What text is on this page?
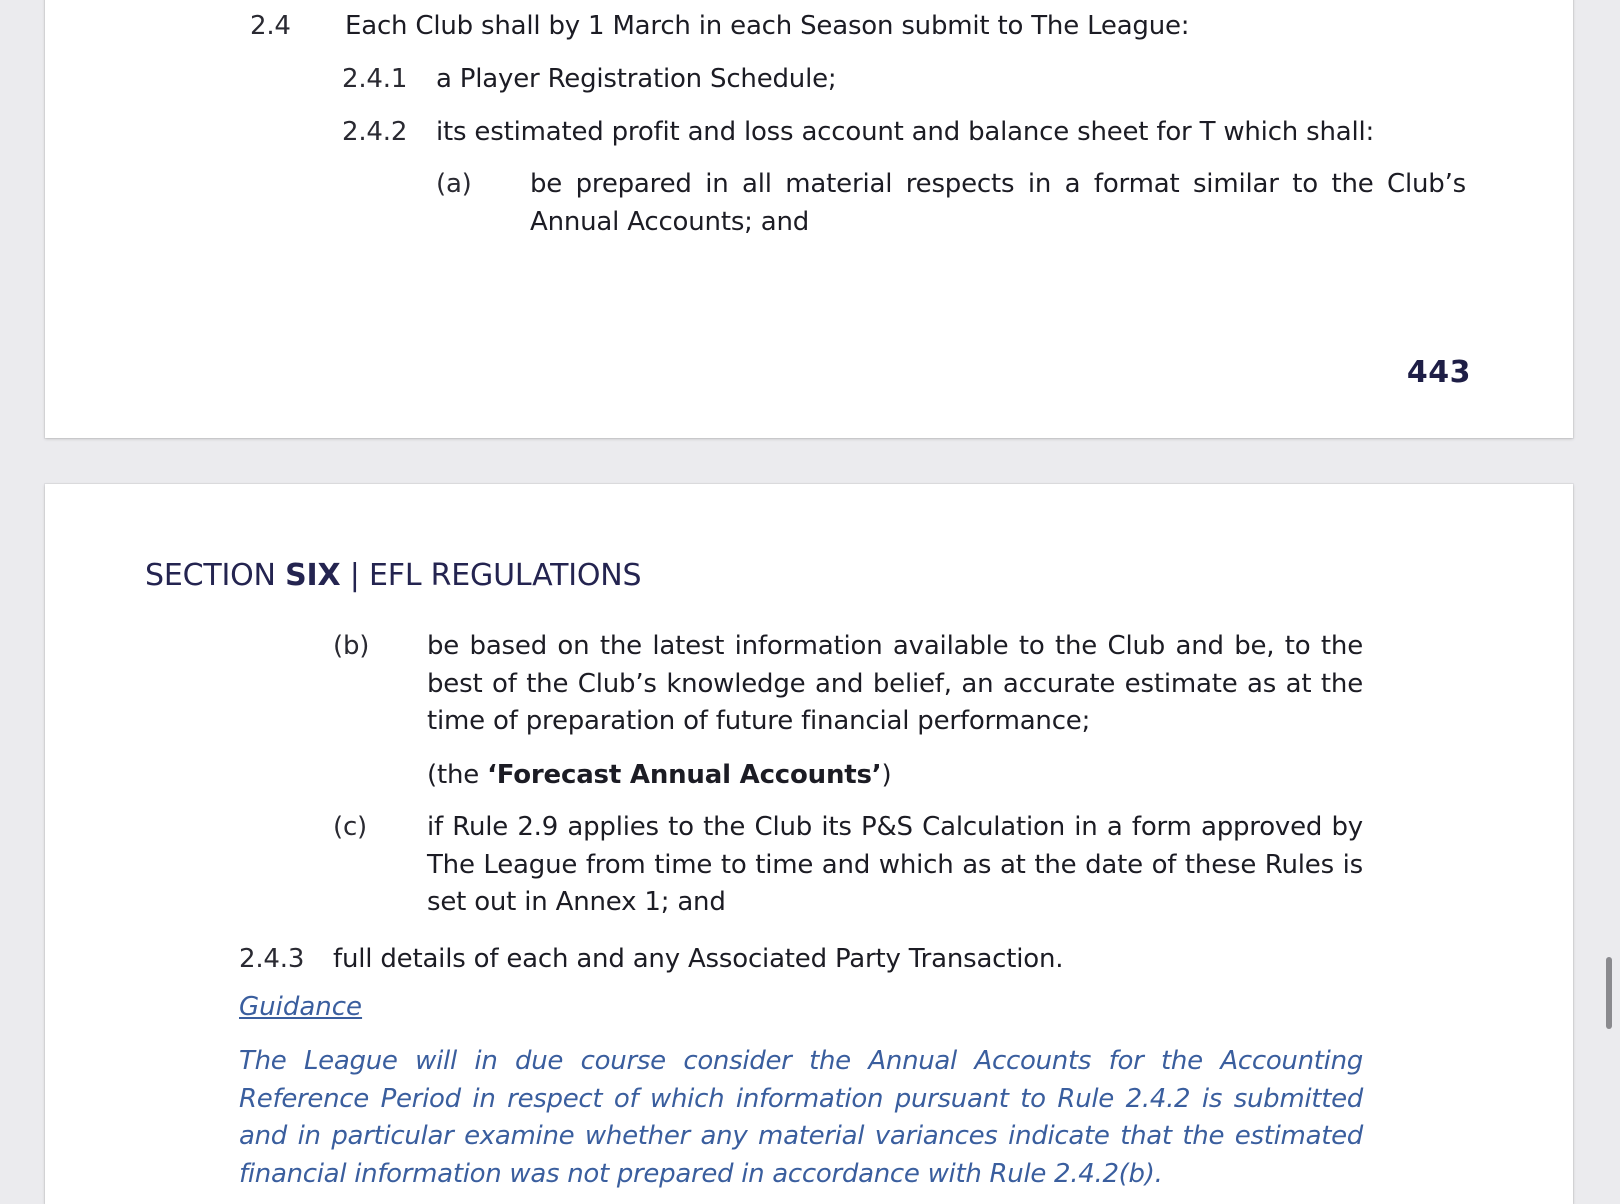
2.4 Each Club shall by 1 March in each Season submit to The League:
2.4.1 a Player Registration Schedule;
2.4.2 its estimated profit and loss account and balance sheet for T which shall:
(a) be prepared in all material respects in a format similar to the Club’s Annual Accounts; and
443
SECTION SIX | EFL REGULATIONS
(b) be based on the latest information available to the Club and be, to the best of the Club’s knowledge and belief, an accurate estimate as at the time of preparation of future financial performance;
(the ‘Forecast Annual Accounts’)
(c) if Rule 2.9 applies to the Club its P&S Calculation in a form approved by The League from time to time and which as at the date of these Rules is set out in Annex 1; and
2.4.3 full details of each and any Associated Party Transaction.
Guidance
The League will in due course consider the Annual Accounts for the Accounting Reference Period in respect of which information pursuant to Rule 2.4.2 is submitted and in particular examine whether any material variances indicate that the estimated financial information was not prepared in accordance with Rule 2.4.2(b).
